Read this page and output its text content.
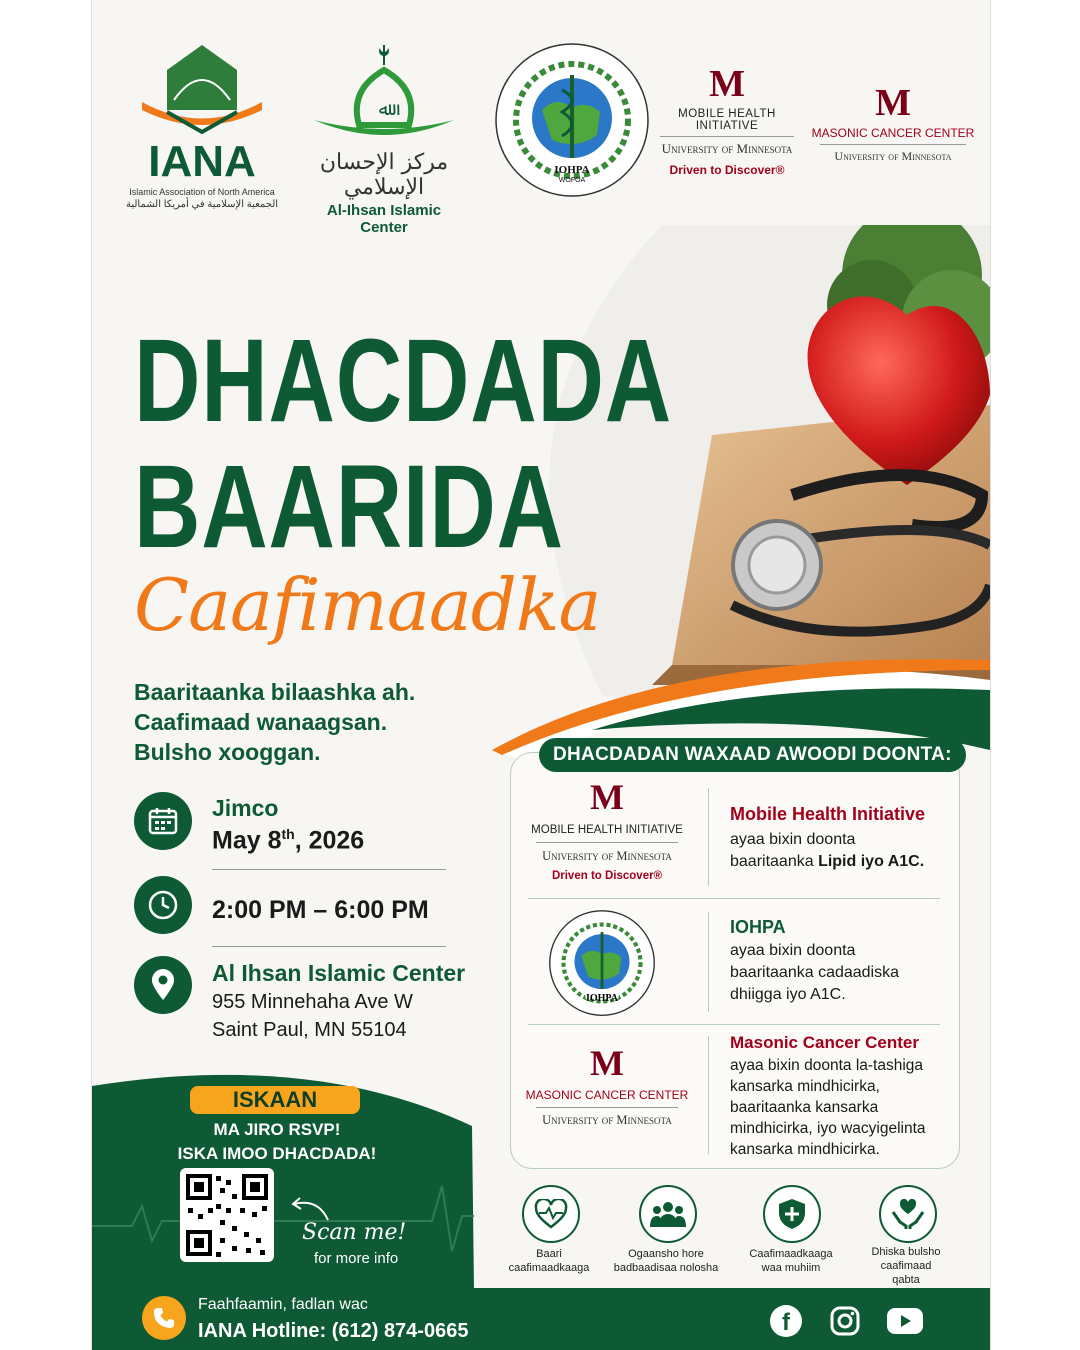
IANA
Islamic Association of North America
الجمعية الإسلامية في أمريكا الشمالية
ﷲ
مركز الإحسان الإسلامي
Al-Ihsan Islamic Center
IOHPA
WOFOA
M
MOBILE HEALTH INITIATIVE
University of Minnesota
Driven to Discover®
M
MASONIC CANCER CENTER
University of Minnesota
DHACDADA
BAARIDA
Caafimaadka
Baaritaanka bilaashka ah.
Caafimaad wanaagsan.
Bulsho xooggan.
Jimco
May 8th, 2026
2:00 PM – 6:00 PM
Al Ihsan Islamic Center
955 Minnehaha Ave W
Saint Paul, MN 55104
DHACDADAN WAXAAD AWOODI DOONTA:
M
MOBILE HEALTH INITIATIVE
University of Minnesota
Driven to Discover®
Mobile Health Initiative
ayaa bixin doonta
baaritaanka Lipid iyo A1C.
IOHPA
IOHPA
ayaa bixin doonta
baaritaanka cadaadiska
dhiigga iyo A1C.
M
MASONIC CANCER CENTER
University of Minnesota
Masonic Cancer Center
ayaa bixin doonta la-tashiga
kansarka mindhicirka,
baaritaanka kansarka
mindhicirka, iyo wacyigelinta
kansarka mindhicirka.
ISKAAN
MA JIRO RSVP!
ISKA IMOO DHACDADA!
Scan me!
for more info	Baari
caafimaadkaaga
Ogaansho hore
badbaadisaa nolosha
Caafimaadkaaga
waa muhiim
Dhiska bulsho
caafimaad
qabta
Faahfaamin, fadlan wac
IANA Hotline: (612) 874-0665	f
